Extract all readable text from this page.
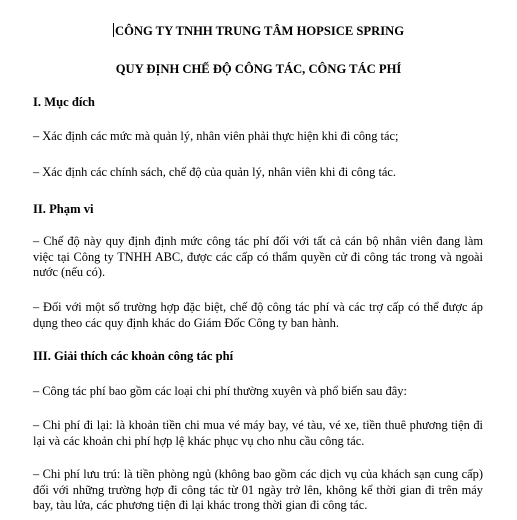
CÔNG TY TNHH TRUNG TÂM HOPSICE SPRING
QUY ĐỊNH CHẾ ĐỘ CÔNG TÁC, CÔNG TÁC PHÍ
I. Mục đích
– Xác định các mức mà quản lý, nhân viên phải thực hiện khi đi công tác;
– Xác định các chính sách, chế độ của quản lý, nhân viên khi đi công tác.
II. Phạm vi
– Chế độ này quy định định mức công tác phí đối với tất cả cán bộ nhân viên đang làm việc tại Công ty TNHH ABC, được các cấp có thẩm quyền cử đi công tác trong và ngoài nước (nếu có).
– Đối với một số trường hợp đặc biệt, chế độ công tác phí và các trợ cấp có thể được áp dụng theo các quy định khác do Giám Đốc Công ty ban hành.
III. Giải thích các khoản công tác phí
– Công tác phí bao gồm các loại chi phí thường xuyên và phổ biến sau đây:
– Chi phí đi lại: là khoản tiền chi mua vé máy bay, vé tàu, vé xe, tiền thuê phương tiện đi lại và các khoản chi phí hợp lệ khác phục vụ cho nhu cầu công tác.
– Chi phí lưu trú: là tiền phòng ngủ (không bao gồm các dịch vụ của khách sạn cung cấp) đối với những trường hợp đi công tác từ 01 ngày trở lên, không kể thời gian đi trên máy bay, tàu lửa, các phương tiện đi lại khác trong thời gian đi công tác.
